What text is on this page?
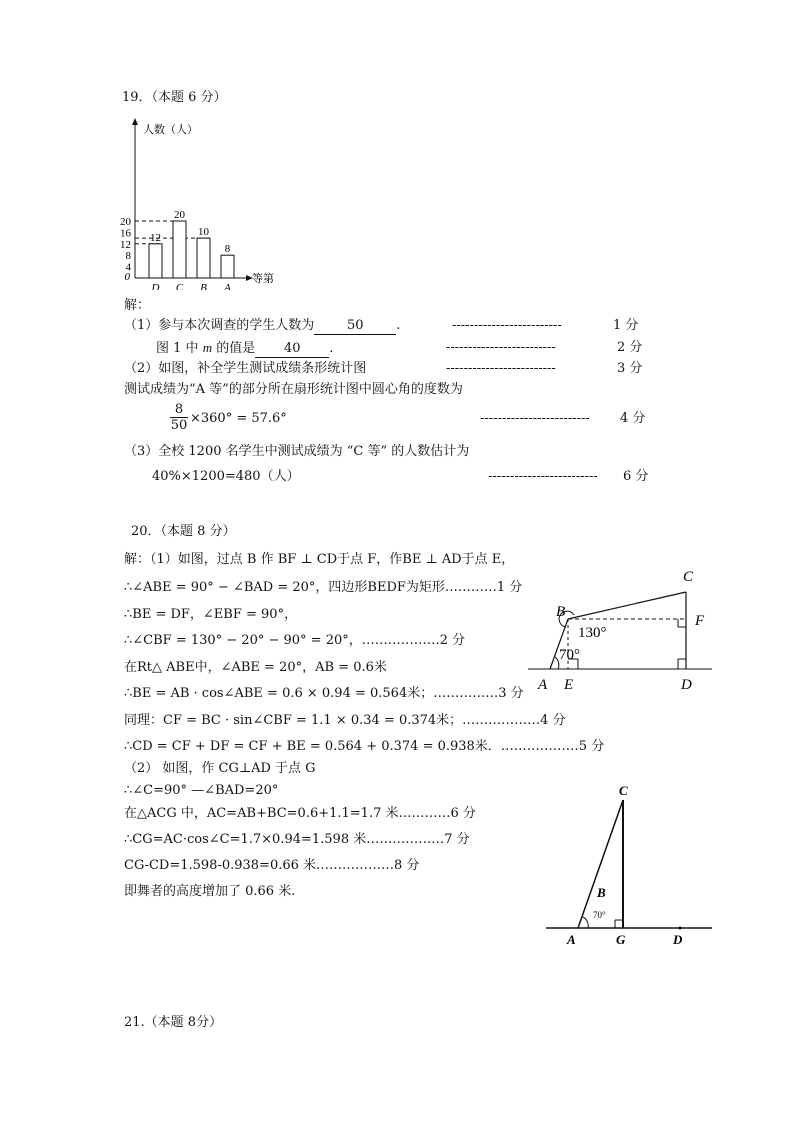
19．（本题 6 分）
人数（人）
等第
0
4
8
12
16
20
12
D
20
C
10
B
8
A
解：
（1）参与本次调查的学生人数为	50	.	-------------------------	1 分
图 1 中 m 的值是 40 .	-------------------------	2 分
（2）如图，补全学生测试成绩条形统计图	-------------------------	3 分
测试成绩为“A 等”的部分所在扇形统计图中圆心角的度数为
$\frac{8}{50} \times 360^\circ = 57.6^\circ$	------------------------- 4 分
（3）全校 1200 名学生中测试成绩为 “C 等” 的人数估计为
40%×1200=480（人）	------------------------- 6 分
20．（本题 8 分）
解：（1）如图，过点 B 作 BF ⊥ CD于点 F，作BE ⊥ AD于点 E，
∴∠ABE = 90° − ∠BAD = 20°，四边形BEDF为矩形…………1 分
∴BE = DF，∠EBF = 90°，
∴∠CBF = 130° − 20° − 90° = 20°，………………2 分
在Rt△ ABE中，∠ABE = 20°，AB = 0.6米
∴BE = AB · cos∠ABE = 0.6 × 0.94 = 0.564米；……………3 分
同理：CF = BC · sin∠CBF = 1.1 × 0.34 = 0.374米；………………4 分
∴CD = CF + DF = CF + BE = 0.564 + 0.374 = 0.938米．………………5 分
（2） 如图，作 CG⊥AD 于点 G
∴∠C=90° —∠BAD=20°
在△ACG 中，AC=AB+BC=0.6+1.1=1.7 米…………6 分
∴CG=AC·cos∠C=1.7×0.94=1.598 米………………7 分
CG-CD=1.598-0.938=0.66 米………………8 分
即舞者的高度增加了 0.66 米.
C
B
F
130°
70°
A E	D
C
B
70°
A	G	D
21.（本题 8分）
